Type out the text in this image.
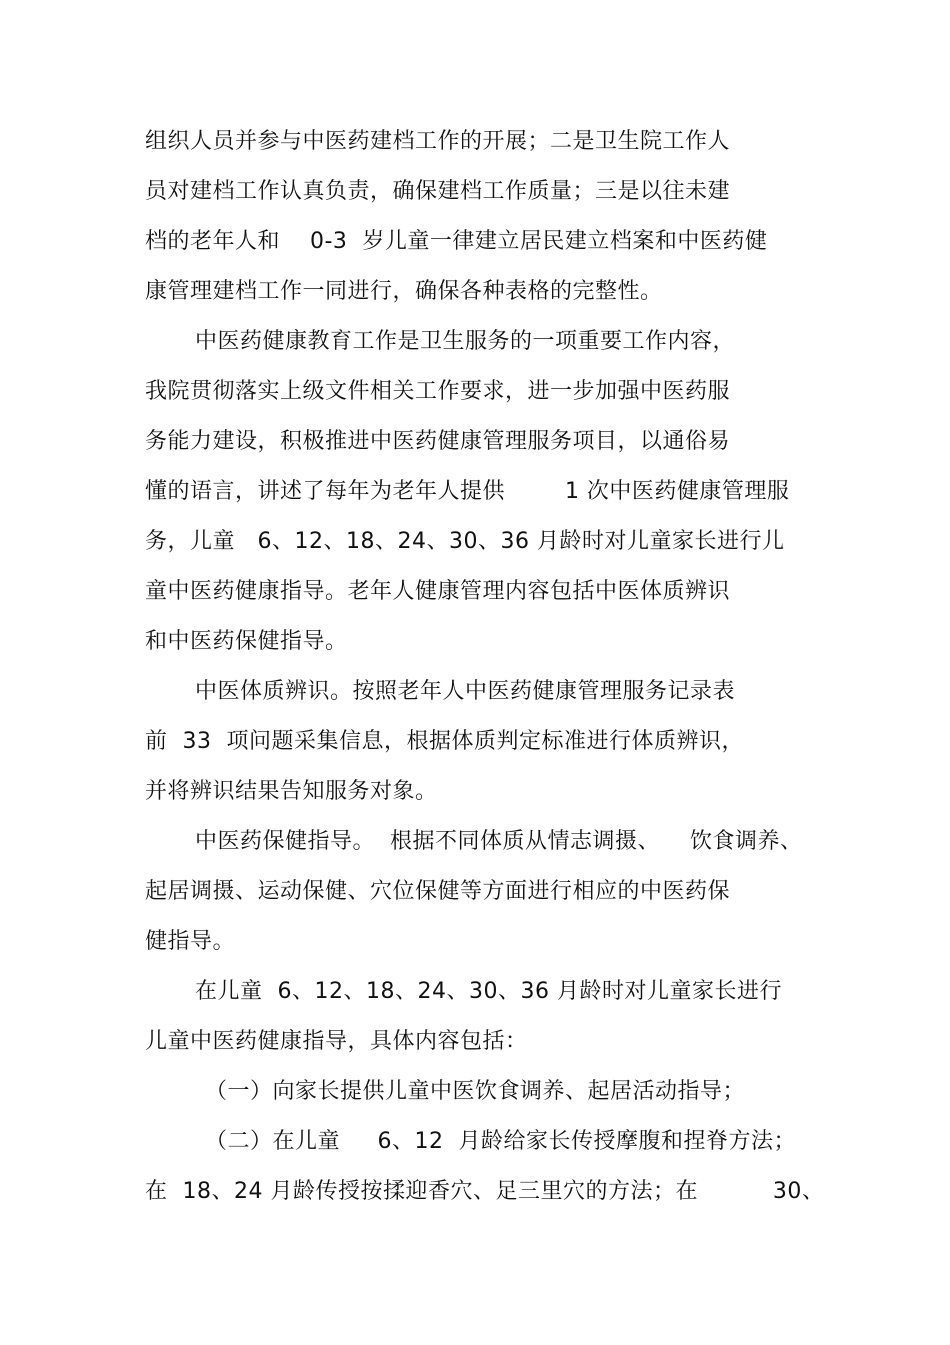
组织人员并参与中医药建档工作的开展；二是卫生院工作人
员对建档工作认真负责，确保建档工作质量；三是以往未建
档的老年人和    0-3  岁儿童一律建立居民建立档案和中医药健
康管理建档工作一同进行，确保各种表格的完整性。
中医药健康教育工作是卫生服务的一项重要工作内容，
我院贯彻落实上级文件相关工作要求，进一步加强中医药服
务能力建设，积极推进中医药健康管理服务项目，以通俗易
懂的语言，讲述了每年为老年人提供        1 次中医药健康管理服
务，儿童   6、12、18、24、30、36 月龄时对儿童家长进行儿
童中医药健康指导。老年人健康管理内容包括中医体质辨识
和中医药保健指导。
中医体质辨识。按照老年人中医药健康管理服务记录表
前  33  项问题采集信息，根据体质判定标准进行体质辨识，
并将辨识结果告知服务对象。
中医药保健指导。  根据不同体质从情志调摄、    饮食调养、
起居调摄、运动保健、穴位保健等方面进行相应的中医药保
健指导。
在儿童  6、12、18、24、30、36 月龄时对儿童家长进行
儿童中医药健康指导，具体内容包括：
（一）向家长提供儿童中医饮食调养、起居活动指导；
（二）在儿童     6、12  月龄给家长传授摩腹和捏脊方法；
在  18、24 月龄传授按揉迎香穴、足三里穴的方法；在          30、
